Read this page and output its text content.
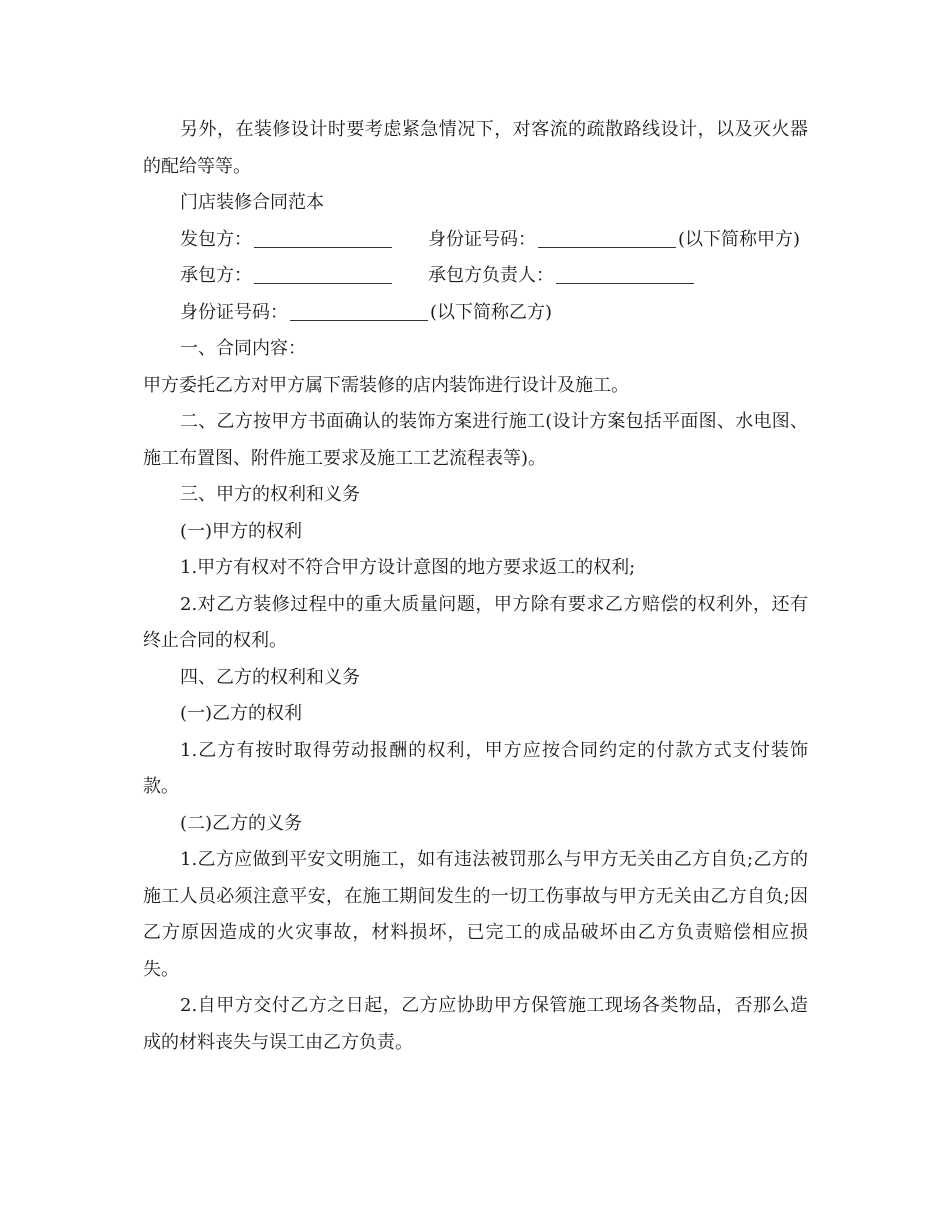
另外，在装修设计时要考虑紧急情况下，对客流的疏散路线设计，以及灭火器的配给等等。

门店装修合同范本

发包方：	身份证号码：	(以下简称甲方)

承包方：	承包方负责人：

身份证号码：	(以下简称乙方)

一、合同内容：

甲方委托乙方对甲方属下需装修的店内装饰进行设计及施工。

二、乙方按甲方书面确认的装饰方案进行施工(设计方案包括平面图、水电图、施工布置图、附件施工要求及施工工艺流程表等)。

三、甲方的权利和义务

(一)甲方的权利

1.甲方有权对不符合甲方设计意图的地方要求返工的权利;

2.对乙方装修过程中的重大质量问题，甲方除有要求乙方赔偿的权利外，还有终止合同的权利。

四、乙方的权利和义务

(一)乙方的权利

1.乙方有按时取得劳动报酬的权利，甲方应按合同约定的付款方式支付装饰款。

(二)乙方的义务

1.乙方应做到平安文明施工，如有违法被罚那么与甲方无关由乙方自负;乙方的施工人员必须注意平安，在施工期间发生的一切工伤事故与甲方无关由乙方自负;因乙方原因造成的火灾事故，材料损坏，已完工的成品破坏由乙方负责赔偿相应损失。

2.自甲方交付乙方之日起，乙方应协助甲方保管施工现场各类物品，否那么造成的材料丧失与误工由乙方负责。
